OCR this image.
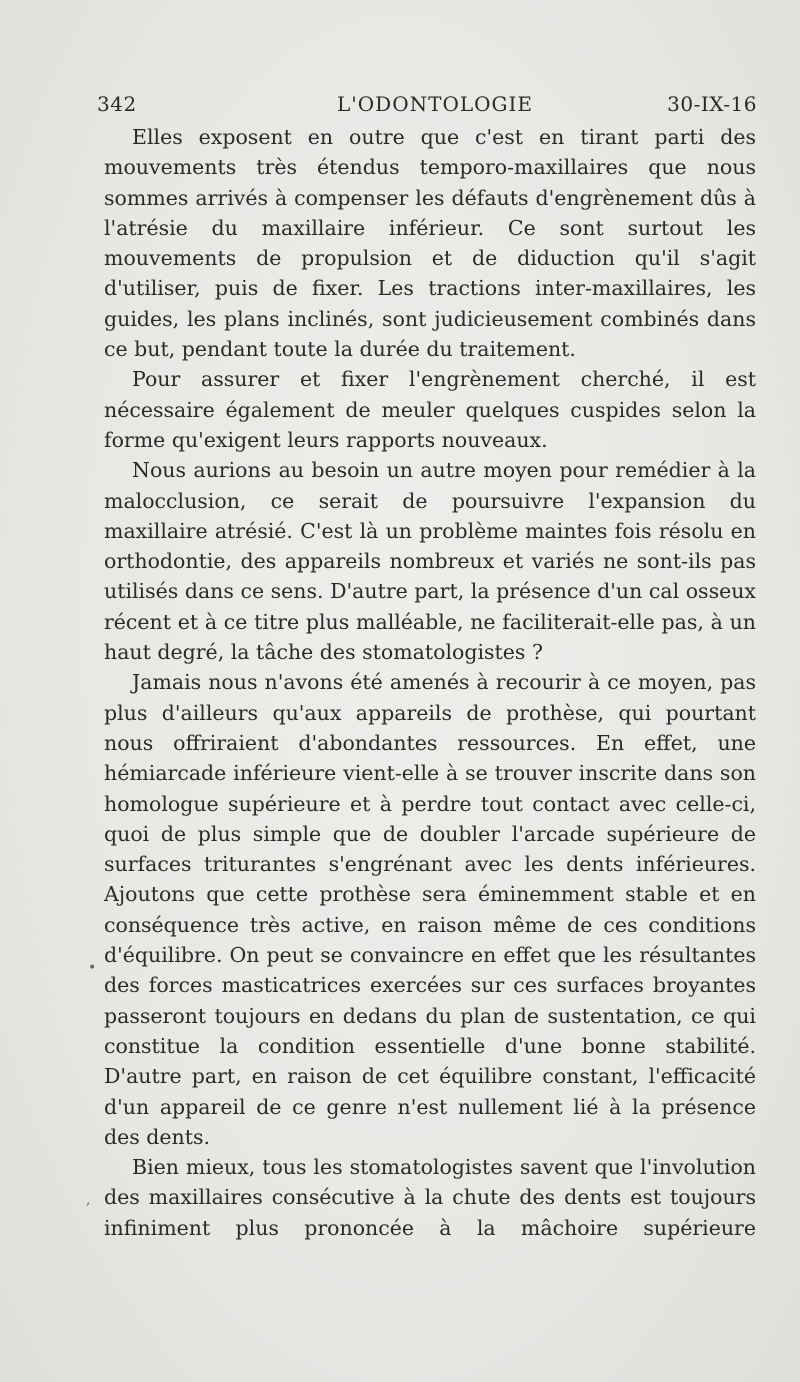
342	L'ODONTOLOGIE	30-IX-16

Elles exposent en outre que c'est en tirant parti des mouvements très étendus temporo-maxillaires que nous sommes arrivés à compenser les défauts d'engrènement dûs à l'atrésie du maxillaire inférieur. Ce sont surtout les mouvements de propulsion et de diduction qu'il s'agit d'utiliser, puis de fixer. Les tractions inter-maxillaires, les guides, les plans inclinés, sont judicieusement combinés dans ce but, pendant toute la durée du traitement.

Pour assurer et fixer l'engrènement cherché, il est nécessaire également de meuler quelques cuspides selon la forme qu'exigent leurs rapports nouveaux.

Nous aurions au besoin un autre moyen pour remédier à la malocclusion, ce serait de poursuivre l'expansion du maxillaire atrésié. C'est là un problème maintes fois résolu en orthodontie, des appareils nombreux et variés ne sont-ils pas utilisés dans ce sens. D'autre part, la présence d'un cal osseux récent et à ce titre plus malléable, ne faciliterait-elle pas, à un haut degré, la tâche des stomatologistes ?

Jamais nous n'avons été amenés à recourir à ce moyen, pas plus d'ailleurs qu'aux appareils de prothèse, qui pourtant nous offriraient d'abondantes ressources. En effet, une hémiarcade inférieure vient-elle à se trouver inscrite dans son homologue supérieure et à perdre tout contact avec celle-ci, quoi de plus simple que de doubler l'arcade supérieure de surfaces triturantes s'engrénant avec les dents inférieures. Ajoutons que cette prothèse sera éminemment stable et en conséquence très active, en raison même de ces conditions d'équilibre. On peut se convaincre en effet que les résultantes des forces masticatrices exercées sur ces surfaces broyantes passeront toujours en dedans du plan de sustentation, ce qui constitue la condition essentielle d'une bonne stabilité. D'autre part, en raison de cet équilibre constant, l'efficacité d'un appareil de ce genre n'est nullement lié à la présence des dents.

Bien mieux, tous les stomatologistes savent que l'involution des maxillaires consécutive à la chute des dents est toujours infiniment plus prononcée à la mâchoire supérieure

•
,
